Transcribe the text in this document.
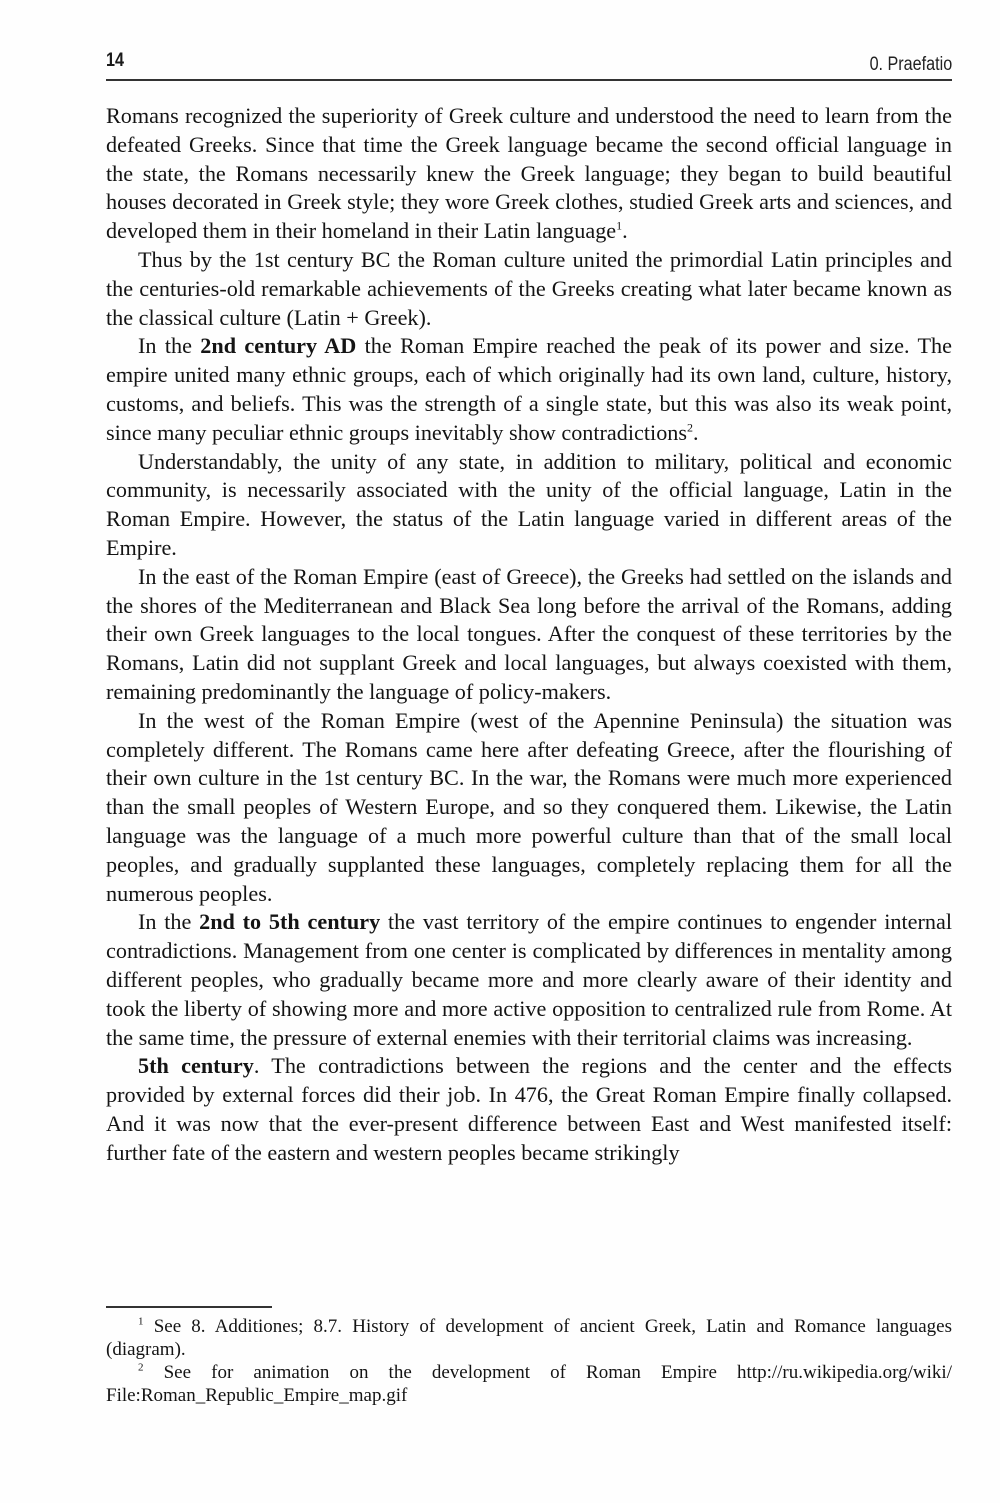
14	0. Praefatio

Romans recognized the superiority of Greek culture and understood the need to learn from the defeated Greeks. Since that time the Greek language became the second official language in the state, the Romans necessarily knew the Greek language; they began to build beautiful houses decorated in Greek style; they wore Greek clothes, studied Greek arts and sciences, and developed them in their homeland in their Latin language$^1$.

Thus by the 1st century BC the Roman culture united the primordial Latin principles and the centuries-old remarkable achievements of the Greeks creating what later became known as the classical culture (Latin + Greek).

In the 2nd century AD the Roman Empire reached the peak of its power and size. The empire united many ethnic groups, each of which originally had its own land, culture, history, customs, and beliefs. This was the strength of a single state, but this was also its weak point, since many peculiar ethnic groups inevitably show contradictions$^2$.

Understandably, the unity of any state, in addition to military, political and economic community, is necessarily associated with the unity of the official language, Latin in the Roman Empire. However, the status of the Latin language varied in different areas of the Empire.

In the east of the Roman Empire (east of Greece), the Greeks had settled on the islands and the shores of the Mediterranean and Black Sea long before the arrival of the Romans, adding their own Greek languages to the local tongues. After the conquest of these territories by the Romans, Latin did not supplant Greek and local languages, but always coexisted with them, remaining predominantly the language of policy-makers.

In the west of the Roman Empire (west of the Apennine Peninsula) the situation was completely different. The Romans came here after defeating Greece, after the flourishing of their own culture in the 1st century BC. In the war, the Romans were much more experienced than the small peoples of Western Europe, and so they conquered them. Likewise, the Latin language was the language of a much more powerful culture than that of the small local peoples, and gradually supplanted these languages, completely replacing them for all the numerous peoples.

In the 2nd to 5th century the vast territory of the empire continues to engender internal contradictions. Management from one center is complicated by differences in mentality among different peoples, who gradually became more and more clearly aware of their identity and took the liberty of showing more and more active opposition to centralized rule from Rome. At the same time, the pressure of external enemies with their territorial claims was increasing.

5th century. The contradictions between the regions and the center and the effects provided by external forces did their job. In 476, the Great Roman Empire finally collapsed. And it was now that the ever-present difference between East and West manifested itself: further fate of the eastern and western peoples became strikingly

$^1$ See 8. Additiones; 8.7. History of development of ancient Greek, Latin and Romance languages (diagram).

$^2$ See for animation on the development of Roman Empire http://ru.wikipedia.org/wiki/ File:Roman_Republic_Empire_map.gif
